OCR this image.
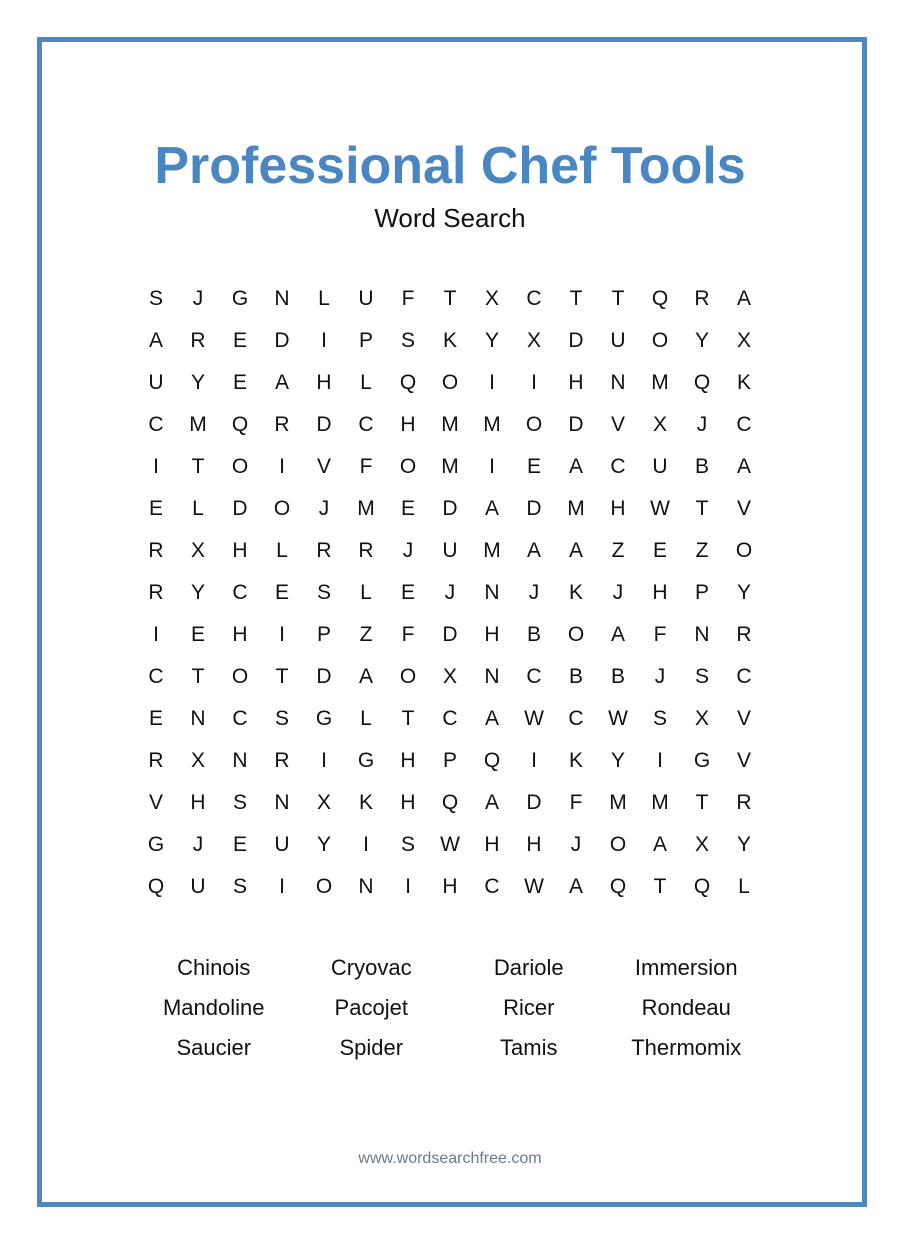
Professional Chef Tools
Word Search
S	J	G	N	L	U	F	T	X	C	T	T	Q	R	A
A	R	E	D	I	P	S	K	Y	X	D	U	O	Y	X
U	Y	E	A	H	L	Q	O	I	I	H	N	M	Q	K
C	M	Q	R	D	C	H	M	M	O	D	V	X	J	C
I	T	O	I	V	F	O	M	I	E	A	C	U	B	A
E	L	D	O	J	M	E	D	A	D	M	H	W	T	V
R	X	H	L	R	R	J	U	M	A	A	Z	E	Z	O
R	Y	C	E	S	L	E	J	N	J	K	J	H	P	Y
I	E	H	I	P	Z	F	D	H	B	O	A	F	N	R
C	T	O	T	D	A	O	X	N	C	B	B	J	S	C
E	N	C	S	G	L	T	C	A	W	C	W	S	X	V
R	X	N	R	I	G	H	P	Q	I	K	Y	I	G	V
V	H	S	N	X	K	H	Q	A	D	F	M	M	T	R
G	J	E	U	Y	I	S	W	H	H	J	O	A	X	Y
Q	U	S	I	O	N	I	H	C	W	A	Q	T	Q	L
Chinois	Cryovac	Dariole	Immersion
Mandoline	Pacojet	Ricer	Rondeau
Saucier	Spider	Tamis	Thermomix
www.wordsearchfree.com
